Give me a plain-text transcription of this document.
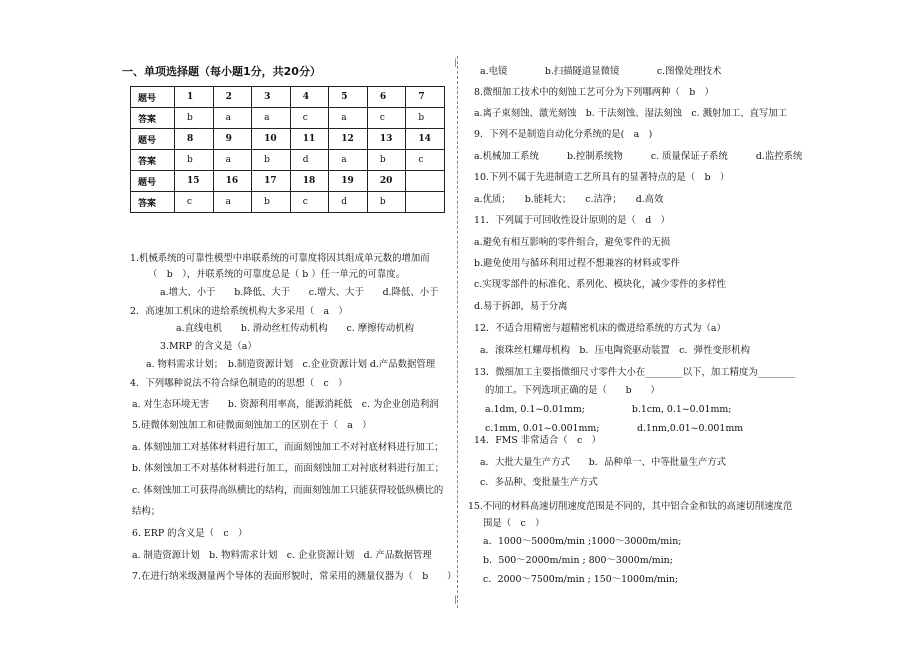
一、单项选择题（每小题1分，共20分）
题号	1	2	3	4	5	6	7
答案	b	a	a	c	a	c	b
题号	8	9	10	11	12	13	14
答案	b	a	b	d	a	b	c
题号	15	16	17	18	19	20	
答案	c	a	b	c	d	b	
1.机械系统的可靠性模型中串联系统的可靠度将因其组成单元数的增加而
（　b　），并联系统的可靠度总是（ b ）任一单元的可靠度。
a.增大、小于　　b.降低、大于　　c.增大、大于　　d.降低、小于
2．高速加工机床的进给系统机构大多采用（　a　）
a.直线电机　　b. 滑动丝杠传动机构　　c. 摩擦传动机构
3.MRP 的含义是（a）
a. 物料需求计划；　b.制造资源计划　c.企业资源计划 d.产品数据管理
4．下列哪种说法不符合绿色制造的的思想（　c　）
a. 对生态环境无害　　b. 资源利用率高，能源消耗低　c. 为企业创造利润
5.硅微体刻蚀加工和硅微面刻蚀加工的区别在于（　a　）
a. 体刻蚀加工对基体材料进行加工，而面刻蚀加工不对衬底材料进行加工；
b. 体刻蚀加工不对基体材料进行加工，而面刻蚀加工对衬底材料进行加工；
c. 体刻蚀加工可获得高纵横比的结构，而面刻蚀加工只能获得较低纵横比的
结构；
6. ERP 的含义是（　c　）
a. 制造资源计划　b. 物料需求计划　c. 企业资源计划　d. 产品数据管理
7.在进行纳米级测量两个导体的表面形貌时，常采用的测量仪器为（　b　　）
a.电镜　　　　b.扫描隧道显微镜　　　　c.图像处理技术
8.微细加工技术中的刻蚀工艺可分为下列哪两种（　b　）
a.离子束刻蚀、激光刻蚀　b. 干法刻蚀、湿法刻蚀　c. 溅射加工、直写加工
9．下列不是制造自动化分系统的是(　a　)
a.机械加工系统　　　b.控制系统物　　　c. 质量保证子系统　　　d.监控系统
10.下列不属于先进制造工艺所具有的显著特点的是（　b　）
a.优质；　　b.能耗大；　　c.洁净；　　d.高效
11．下列属于可回收性设计原则的是（　d　）
a.避免有相互影响的零件组合，避免零件的无损
b.避免使用与循环利用过程不想兼容的材料或零件
c.实现零部件的标准化、系列化、模块化，减少零件的多样性
d.易于拆卸，易于分离
12．不适合用精密与超精密机床的微进给系统的方式为（a）
a．滚珠丝杠螺母机构　b．压电陶瓷驱动装置　c．弹性变形机构
13．微细加工主要指微细尺寸零件大小在________以下，加工精度为________
的加工。下列选项正确的是（　　b　　）
a.1dm, 0.1~0.01mm;　　　　　b.1cm, 0.1~0.01mm;
c.1mm, 0.01~0.001mm;　　　　d.1nm,0.01~0.001mm
14．FMS 非常适合（　c　）
a．大批大量生产方式　　b．品种单一、中等批量生产方式
c．多品种、变批量生产方式
15.不同的材料高速切削速度范围是不同的，其中铝合金和钛的高速切削速度范
围是（　c　）
a．1000～5000m/min ;1000～3000m/min;
b．500～2000m/min ; 800～3000m/min;
c．2000～7500m/min ; 150～1000m/min;
|
|
